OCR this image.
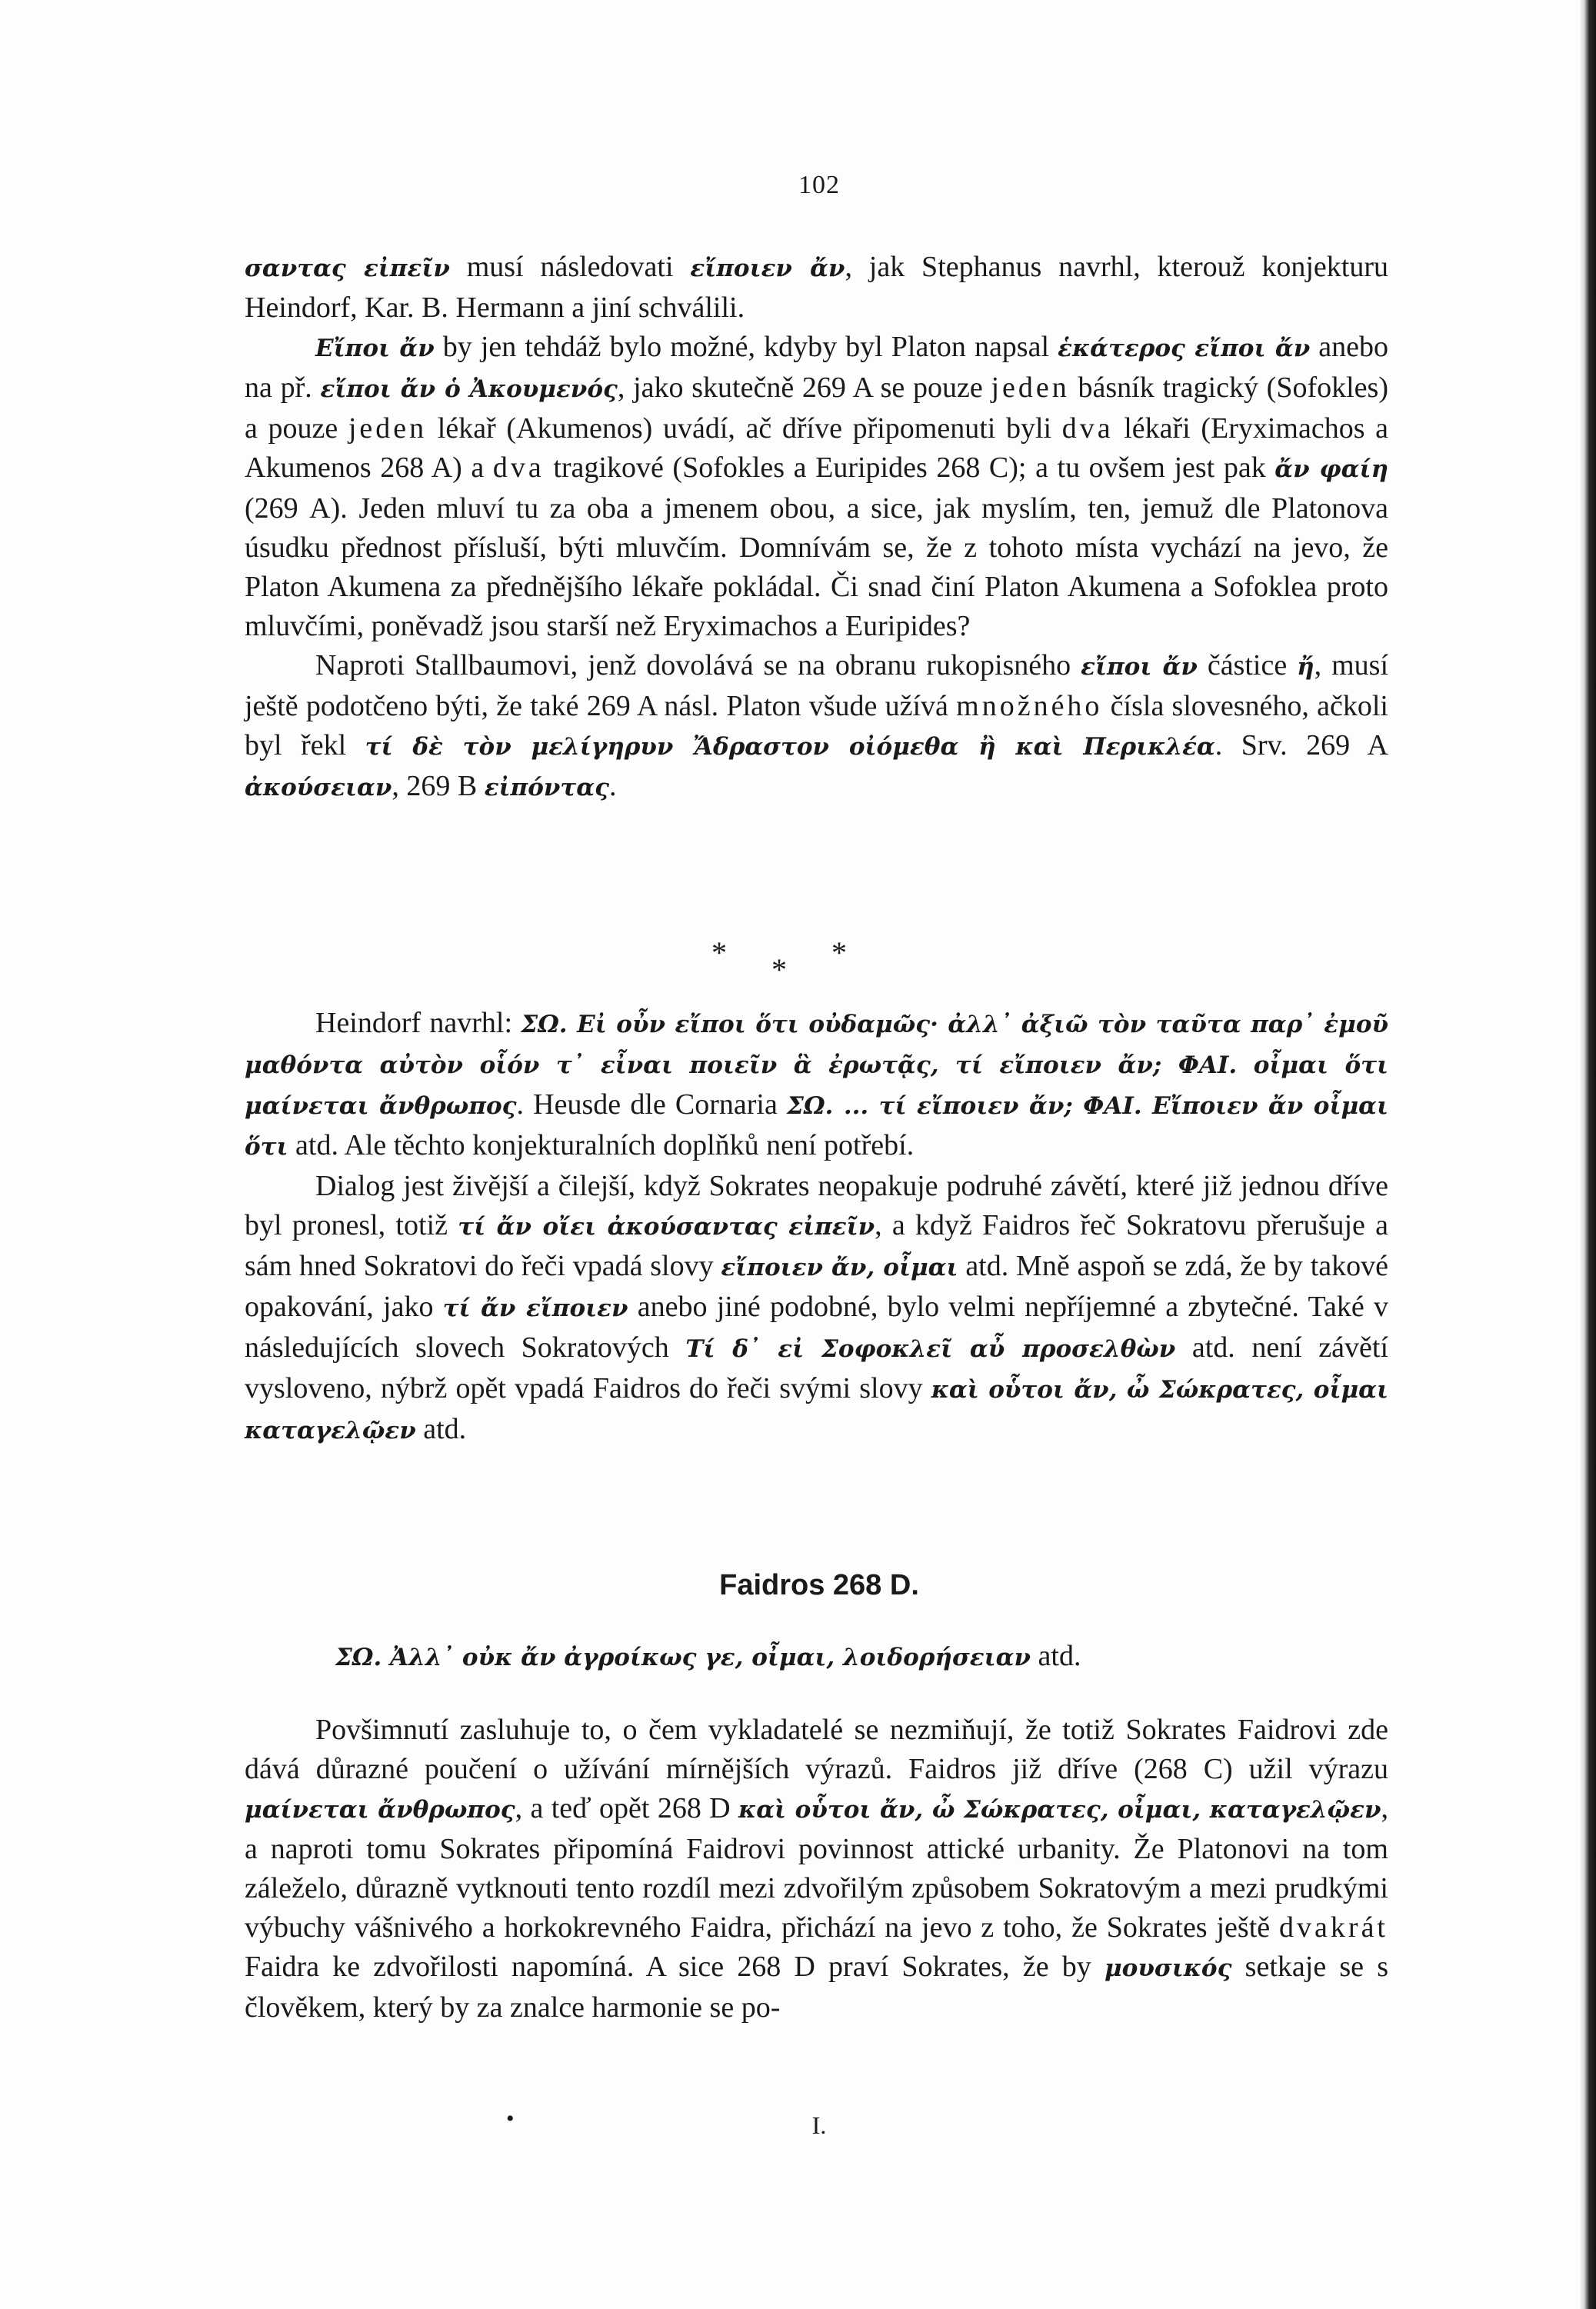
102

σαντας εἰπεῖν musí následovati εἴποιεν ἄν, jak Stephanus navrhl, kterouž konjekturu Heindorf, Kar. B. Hermann a jiní schválili.

Εἴποι ἄν by jen tehdáž bylo možné, kdyby byl Platon napsal ἑκάτερος εἴποι ἄν anebo na př. εἴποι ἄν ὁ Ἀκουμενός, jako skutečně 269 A se pouze jeden básník tragický (Sofokles) a pouze jeden lékař (Akumenos) uvádí, ač dříve připomenuti byli dva lékaři (Eryximachos a Akumenos 268 A) a dva tragikové (Sofokles a Euripides 268 C); a tu ovšem jest pak ἄν φαίη (269 A). Jeden mluví tu za oba a jmenem obou, a sice, jak myslím, ten, jemuž dle Platonova úsudku přednost přísluší, býti mluvčím. Domnívám se, že z tohoto místa vychází na jevo, že Platon Akumena za přednějšího lékaře pokládal. Či snad činí Platon Akumena a Sofoklea proto mluvčími, poněvadž jsou starší než Eryximachos a Euripides?

Naproti Stallbaumovi, jenž dovolává se na obranu rukopisného εἴποι ἄν částice ἤ, musí ještě podotčeno býti, že také 269 A násl. Platon všude užívá množného čísla slovesného, ačkoli byl řekl τί δὲ τὸν μελίγηρυν Ἄδραστον οἰόμεθα ἢ καὶ Περικλέα. Srv. 269 A ἀκούσειαν, 269 B εἰπόντας.

* * *

Heindorf navrhl: ΣΩ. Εἰ οὖν εἴποι ὅτι οὐδαμῶς· ἀλλ᾽ ἀξιῶ τὸν ταῦτα παρ᾽ ἐμοῦ μαθόντα αὐτὸν οἷόν τ᾽ εἶναι ποιεῖν ἃ ἐρωτᾷς, τί εἴποιεν ἄν; ΦΑΙ. οἶμαι ὅτι μαίνεται ἄνθρωπος. Heusde dle Cornaria ΣΩ. ... τί εἴποιεν ἄν; ΦΑΙ. Εἴποιεν ἄν οἶμαι ὅτι atd. Ale těchto konjekturalních doplňků není potřebí.

Dialog jest živější a čilejší, když Sokrates neopakuje podruhé závětí, které již jednou dříve byl pronesl, totiž τί ἄν οἴει ἀκούσαντας εἰπεῖν, a když Faidros řeč Sokratovu přerušuje a sám hned Sokratovi do řeči vpadá slovy εἴποιεν ἄν, οἶμαι atd. Mně aspoň se zdá, že by takové opakování, jako τί ἄν εἴποιεν anebo jiné podobné, bylo velmi nepříjemné a zbytečné. Také v následujících slovech Sokratových Τί δ᾽ εἰ Σοφοκλεῖ αὖ προσελθὼν atd. není závětí vysloveno, nýbrž opět vpadá Faidros do řeči svými slovy καὶ οὗτοι ἄν, ὦ Σώκρατες, οἶμαι καταγελῷεν atd.

Faidros 268 D.

ΣΩ. Ἀλλ᾽ οὐκ ἄν ἀγροίκως γε, οἶμαι, λοιδορήσειαν atd.

Povšimnutí zasluhuje to, o čem vykladatelé se nezmiňují, že totiž Sokrates Faidrovi zde dává důrazné poučení o užívání mírnějších výrazů. Faidros již dříve (268 C) užil výrazu μαίνεται ἄνθρωπος, a teď opět 268 D καὶ οὗτοι ἄν, ὦ Σώκρατες, οἶμαι, καταγελῷεν, a naproti tomu Sokrates připomíná Faidrovi povinnost attické urbanity. Že Platonovi na tom záleželo, důrazně vytknouti tento rozdíl mezi zdvořilým způsobem Sokratovým a mezi prudkými výbuchy vášnivého a horkokrevného Faidra, přichází na jevo z toho, že Sokrates ještě dvakrát Faidra ke zdvořilosti napomíná. A sice 268 D praví Sokrates, že by μουσικός setkaje se s člověkem, který by za znalce harmonie se po-

•	I.
